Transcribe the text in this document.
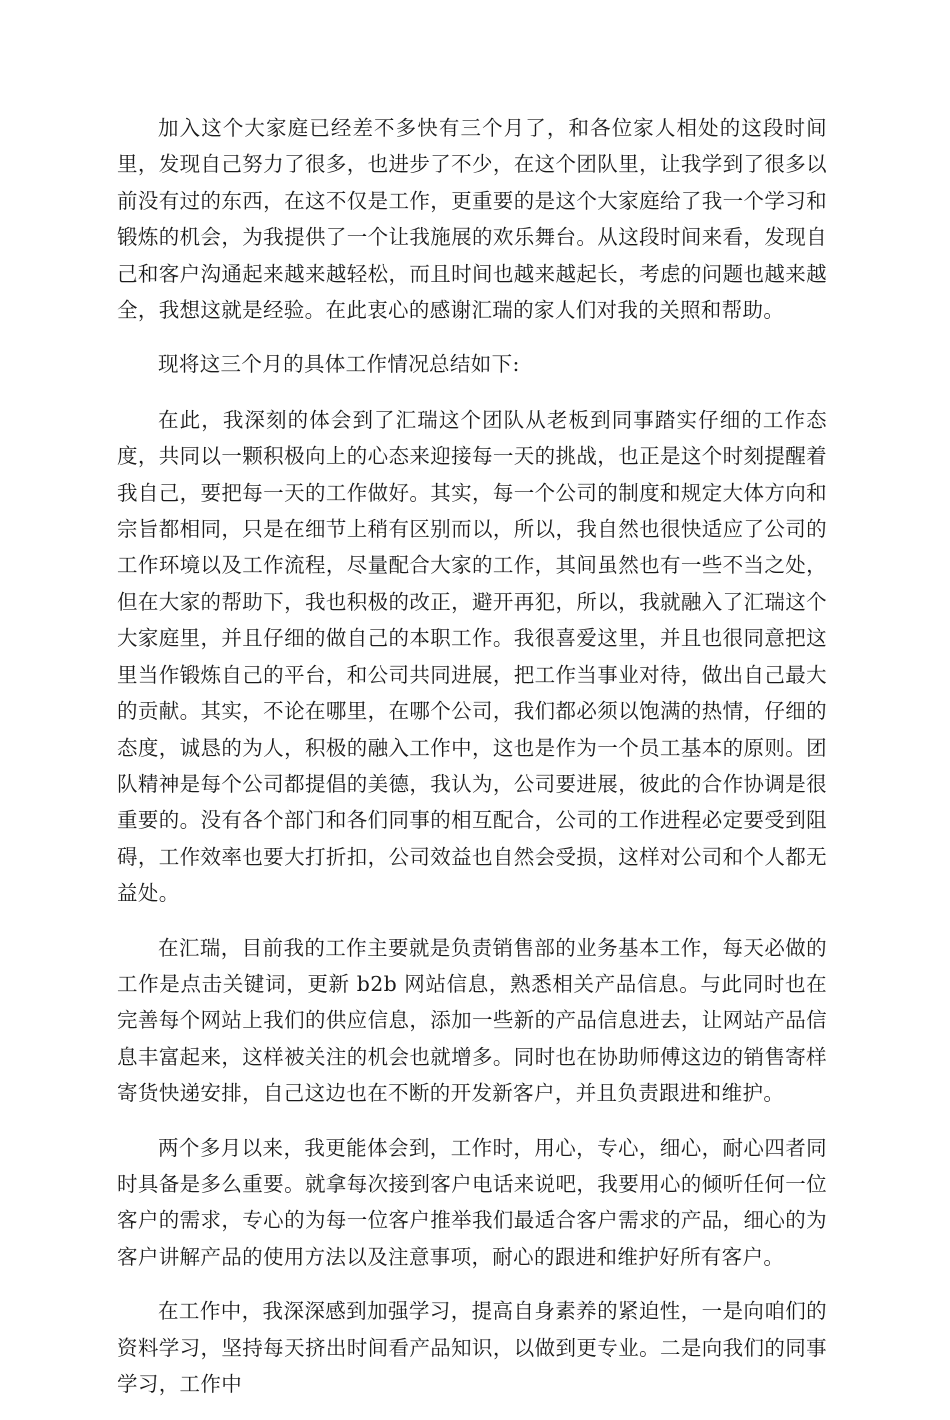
加入这个大家庭已经差不多快有三个月了，和各位家人相处的这段时间里，发现自己努力了很多，也进步了不少，在这个团队里，让我学到了很多以前没有过的东西，在这不仅是工作，更重要的是这个大家庭给了我一个学习和锻炼的机会，为我提供了一个让我施展的欢乐舞台。从这段时间来看，发现自己和客户沟通起来越来越轻松，而且时间也越来越起长，考虑的问题也越来越全，我想这就是经验。在此衷心的感谢汇瑞的家人们对我的关照和帮助。

现将这三个月的具体工作情况总结如下:

在此，我深刻的体会到了汇瑞这个团队从老板到同事踏实仔细的工作态度，共同以一颗积极向上的心态来迎接每一天的挑战，也正是这个时刻提醒着我自己，要把每一天的工作做好。其实，每一个公司的制度和规定大体方向和宗旨都相同，只是在细节上稍有区别而以，所以，我自然也很快适应了公司的工作环境以及工作流程，尽量配合大家的工作，其间虽然也有一些不当之处，但在大家的帮助下，我也积极的改正，避开再犯，所以，我就融入了汇瑞这个大家庭里，并且仔细的做自己的本职工作。我很喜爱这里，并且也很同意把这里当作锻炼自己的平台，和公司共同进展，把工作当事业对待，做出自己最大的贡献。其实，不论在哪里，在哪个公司，我们都必须以饱满的热情，仔细的态度，诚恳的为人，积极的融入工作中，这也是作为一个员工基本的原则。团队精神是每个公司都提倡的美德，我认为，公司要进展，彼此的合作协调是很重要的。没有各个部门和各们同事的相互配合，公司的工作进程必定要受到阻碍，工作效率也要大打折扣，公司效益也自然会受损，这样对公司和个人都无益处。

在汇瑞，目前我的工作主要就是负责销售部的业务基本工作，每天必做的工作是点击关键词，更新 b2b 网站信息，熟悉相关产品信息。与此同时也在完善每个网站上我们的供应信息，添加一些新的产品信息进去，让网站产品信息丰富起来，这样被关注的机会也就增多。同时也在协助师傅这边的销售寄样寄货快递安排，自己这边也在不断的开发新客户，并且负责跟进和维护。

两个多月以来，我更能体会到，工作时，用心，专心，细心，耐心四者同时具备是多么重要。就拿每次接到客户电话来说吧，我要用心的倾听任何一位客户的需求，专心的为每一位客户推举我们最适合客户需求的产品，细心的为客户讲解产品的使用方法以及注意事项，耐心的跟进和维护好所有客户。

在工作中，我深深感到加强学习，提高自身素养的紧迫性，一是向咱们的资料学习，坚持每天挤出时间看产品知识，以做到更专业。二是向我们的同事学习，工作中
